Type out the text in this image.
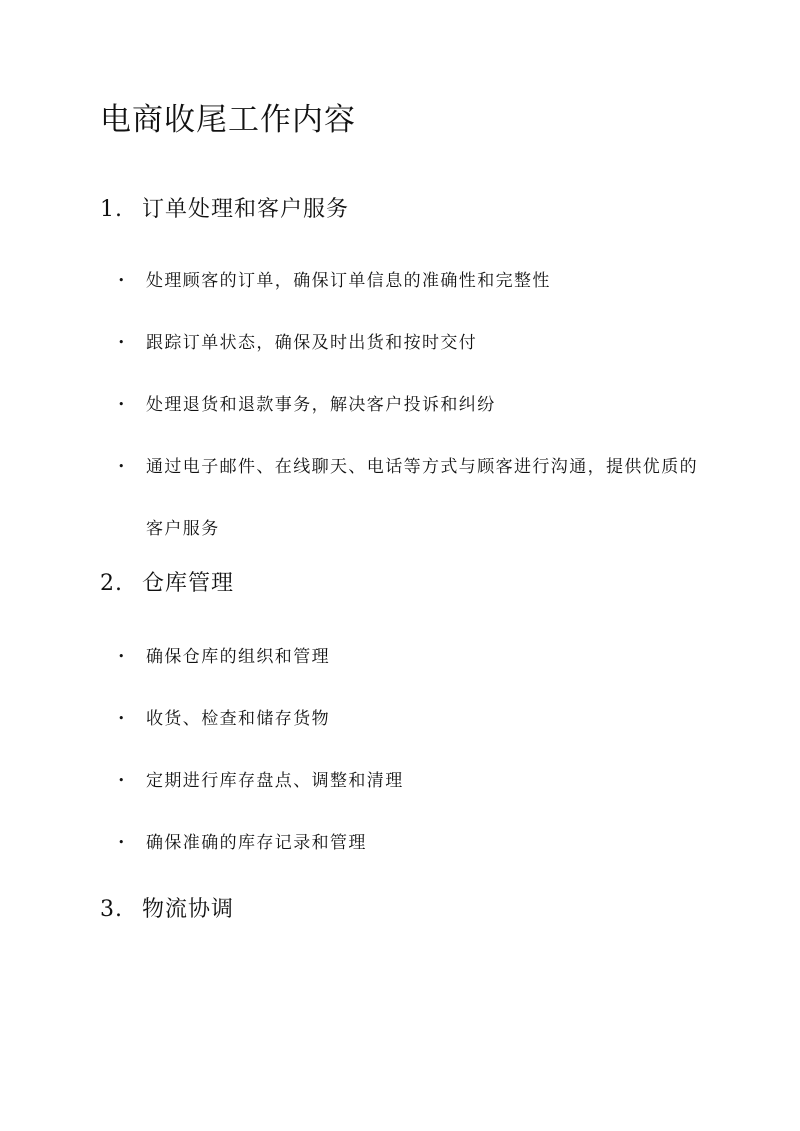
电商收尾工作内容
1. 订单处理和客户服务
•	处理顾客的订单，确保订单信息的准确性和完整性
•	跟踪订单状态，确保及时出货和按时交付
•	处理退货和退款事务，解决客户投诉和纠纷
•	通过电子邮件、在线聊天、电话等方式与顾客进行沟通，提供优质的客户服务
2. 仓库管理
•	确保仓库的组织和管理
•	收货、检查和储存货物
•	定期进行库存盘点、调整和清理
•	确保准确的库存记录和管理
3. 物流协调
